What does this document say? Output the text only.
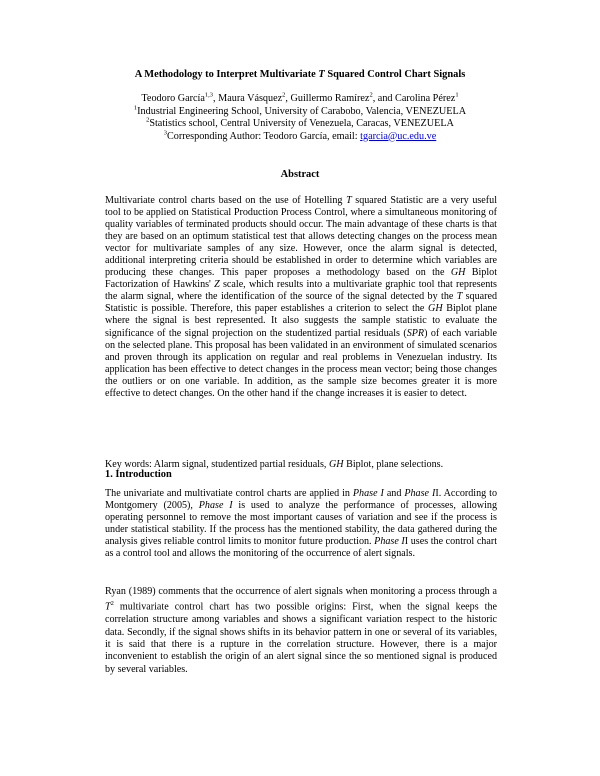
A Methodology to Interpret Multivariate T Squared Control Chart Signals
Teodoro García$^{1,3}$, Maura Vásquez$^2$, Guillermo Ramírez$^2$, and Carolina Pérez$^1$
$^1$Industrial Engineering School, University of Carabobo, Valencia, VENEZUELA
$^2$Statistics school, Central University of Venezuela, Caracas, VENEZUELA
$^3$Corresponding Author: Teodoro García, email: tgarcia@uc.edu.ve
Abstract
Multivariate control charts based on the use of Hotelling T squared Statistic are a very useful tool to be applied on Statistical Production Process Control, where a simultaneous monitoring of quality variables of terminated products should occur. The main advantage of these charts is that they are based on an optimum statistical test that allows detecting changes on the process mean vector for multivariate samples of any size. However, once the alarm signal is detected, additional interpreting criteria should be established in order to determine which variables are producing these changes. This paper proposes a methodology based on the GH Biplot Factorization of Hawkins' Z scale, which results into a multivariate graphic tool that represents the alarm signal, where the identification of the source of the signal detected by the T squared Statistic is possible. Therefore, this paper establishes a criterion to select the GH Biplot plane where the signal is best represented. It also suggests the sample statistic to evaluate the significance of the signal projection on the studentized partial residuals (SPR) of each variable on the selected plane. This proposal has been validated in an environment of simulated scenarios and proven through its application on regular and real problems in Venezuelan industry. Its application has been effective to detect changes in the process mean vector; being those changes the outliers or on one variable. In addition, as the sample size becomes greater it is more effective to detect changes. On the other hand if the change increases it is easier to detect.
Key words: Alarm signal, studentized partial residuals, GH Biplot, plane selections.
1. Introduction
The univariate and multivatiate control charts are applied in Phase I and Phase II. According to Montgomery (2005), Phase I is used to analyze the performance of processes, allowing operating personnel to remove the most important causes of variation and see if the process is under statistical stability. If the process has the mentioned stability, the data gathered during the analysis gives reliable control limits to monitor future production. Phase II uses the control chart as a control tool and allows the monitoring of the occurrence of alert signals.
Ryan (1989) comments that the occurrence of alert signals when monitoring a process through a $T^2$ multivariate control chart has two possible origins: First, when the signal keeps the correlation structure among variables and shows a significant variation respect to the historic data. Secondly, if the signal shows shifts in its behavior pattern in one or several of its variables, it is said that there is a rupture in the correlation structure. However, there is a major inconvenient to establish the origin of an alert signal since the so mentioned signal is produced by several variables.
